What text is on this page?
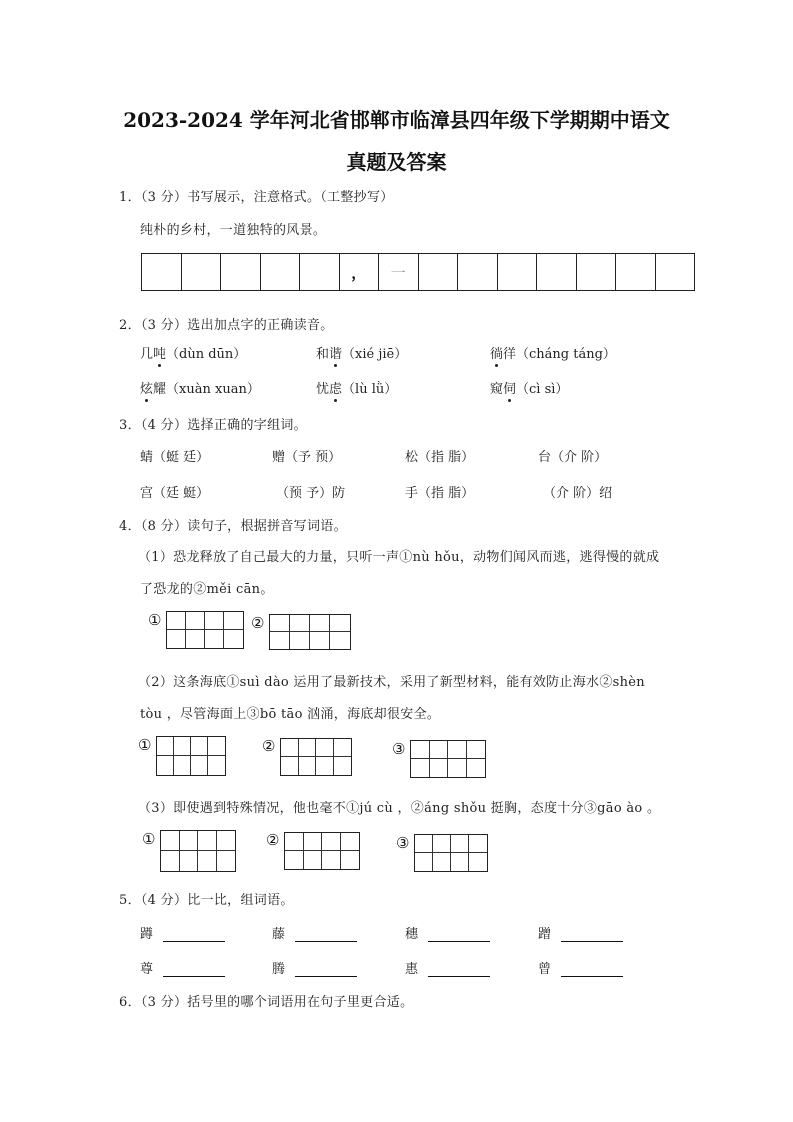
2023-2024 学年河北省邯郸市临漳县四年级下学期期中语文
真题及答案
1．（3 分）书写展示，注意格式。（工整抄写）
纯朴的乡村，一道独特的风景。
，	一
2．（3 分）选出加点字的正确读音。
几吨（dùn dūn）	和谐（xié jiē）	徜徉（cháng táng）
炫耀（xuàn xuan）	忧虑（lù lǜ）	窥伺（cì sì）
3．（4 分）选择正确的字组词。
蜻（蜓 廷）	赠（予 预）	松（指 脂）	台（介 阶）
宫（廷 蜓）	（预 予）防	手（指 脂）	（介 阶）绍
4．（8 分）读句子，根据拼音写词语。
（1）恐龙释放了自己最大的力量，只听一声①nù hǒu，动物们闻风而逃，逃得慢的就成
了恐龙的②měi cān。
①	②
（2）这条海底①suì dào 运用了最新技术，采用了新型材料，能有效防止海水②shèn
tòu ，尽管海面上③bō tāo 汹涌，海底却很安全。
①	②	③
（3）即使遇到特殊情况，他也毫不①jú cù ，②áng shǒu 挺胸，态度十分③gāo ào 。
①	②	③
5．（4 分）比一比，组词语。
蹲	藤	穗	蹭
尊	腾	惠	曾
6．（3 分）括号里的哪个词语用在句子里更合适。
